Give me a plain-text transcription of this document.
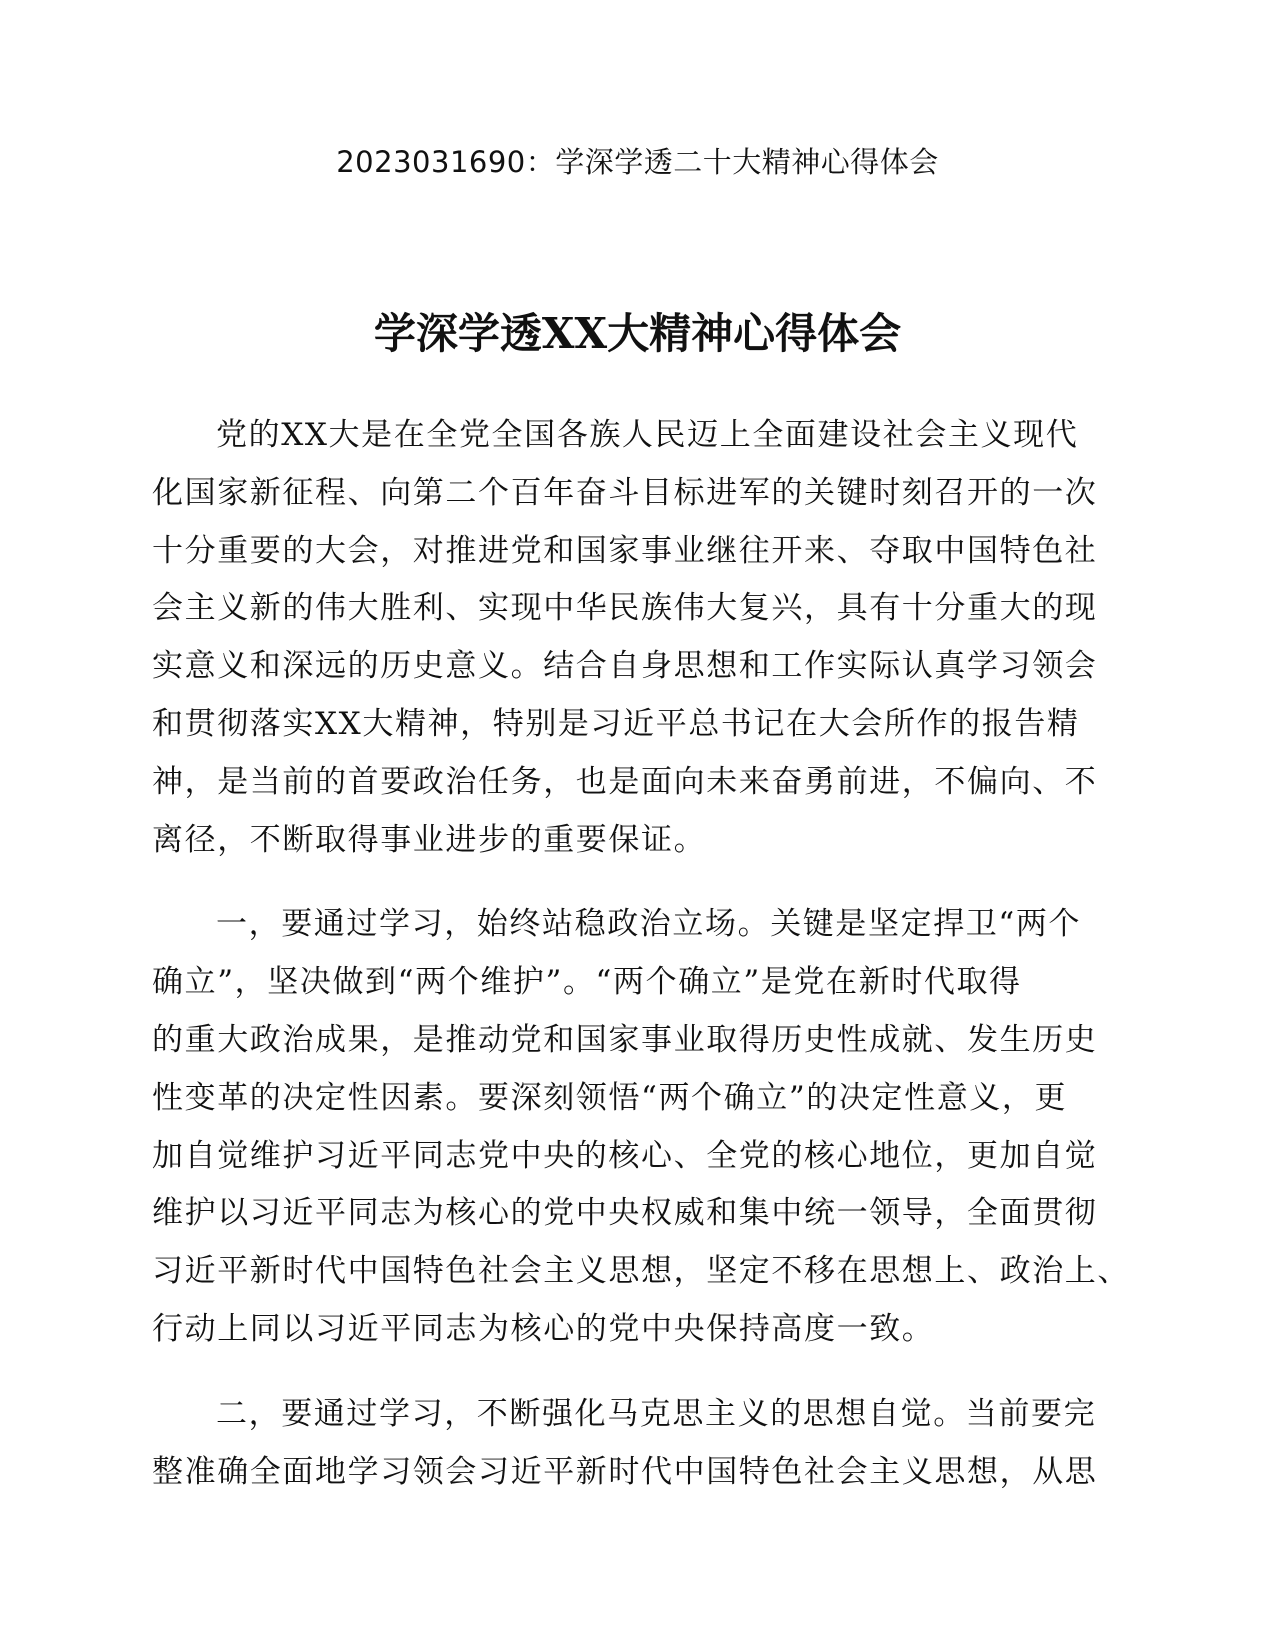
2023031690：学深学透二十大精神心得体会
学深学透XX大精神心得体会
党的XX大是在全党全国各族人民迈上全面建设社会主义现代
化国家新征程、向第二个百年奋斗目标进军的关键时刻召开的一次
十分重要的大会，对推进党和国家事业继往开来、夺取中国特色社
会主义新的伟大胜利、实现中华民族伟大复兴，具有十分重大的现
实意义和深远的历史意义。结合自身思想和工作实际认真学习领会
和贯彻落实XX大精神，特别是习近平总书记在大会所作的报告精
神，是当前的首要政治任务，也是面向未来奋勇前进，不偏向、不
离径，不断取得事业进步的重要保证。
一，要通过学习，始终站稳政治立场。关键是坚定捍卫“两个
确立”，坚决做到“两个维护”。“两个确立”是党在新时代取得
的重大政治成果，是推动党和国家事业取得历史性成就、发生历史
性变革的决定性因素。要深刻领悟“两个确立”的决定性意义，更
加自觉维护习近平同志党中央的核心、全党的核心地位，更加自觉
维护以习近平同志为核心的党中央权威和集中统一领导，全面贯彻
习近平新时代中国特色社会主义思想，坚定不移在思想上、政治上、
行动上同以习近平同志为核心的党中央保持高度一致。
二，要通过学习，不断强化马克思主义的思想自觉。当前要完
整准确全面地学习领会习近平新时代中国特色社会主义思想，从思
